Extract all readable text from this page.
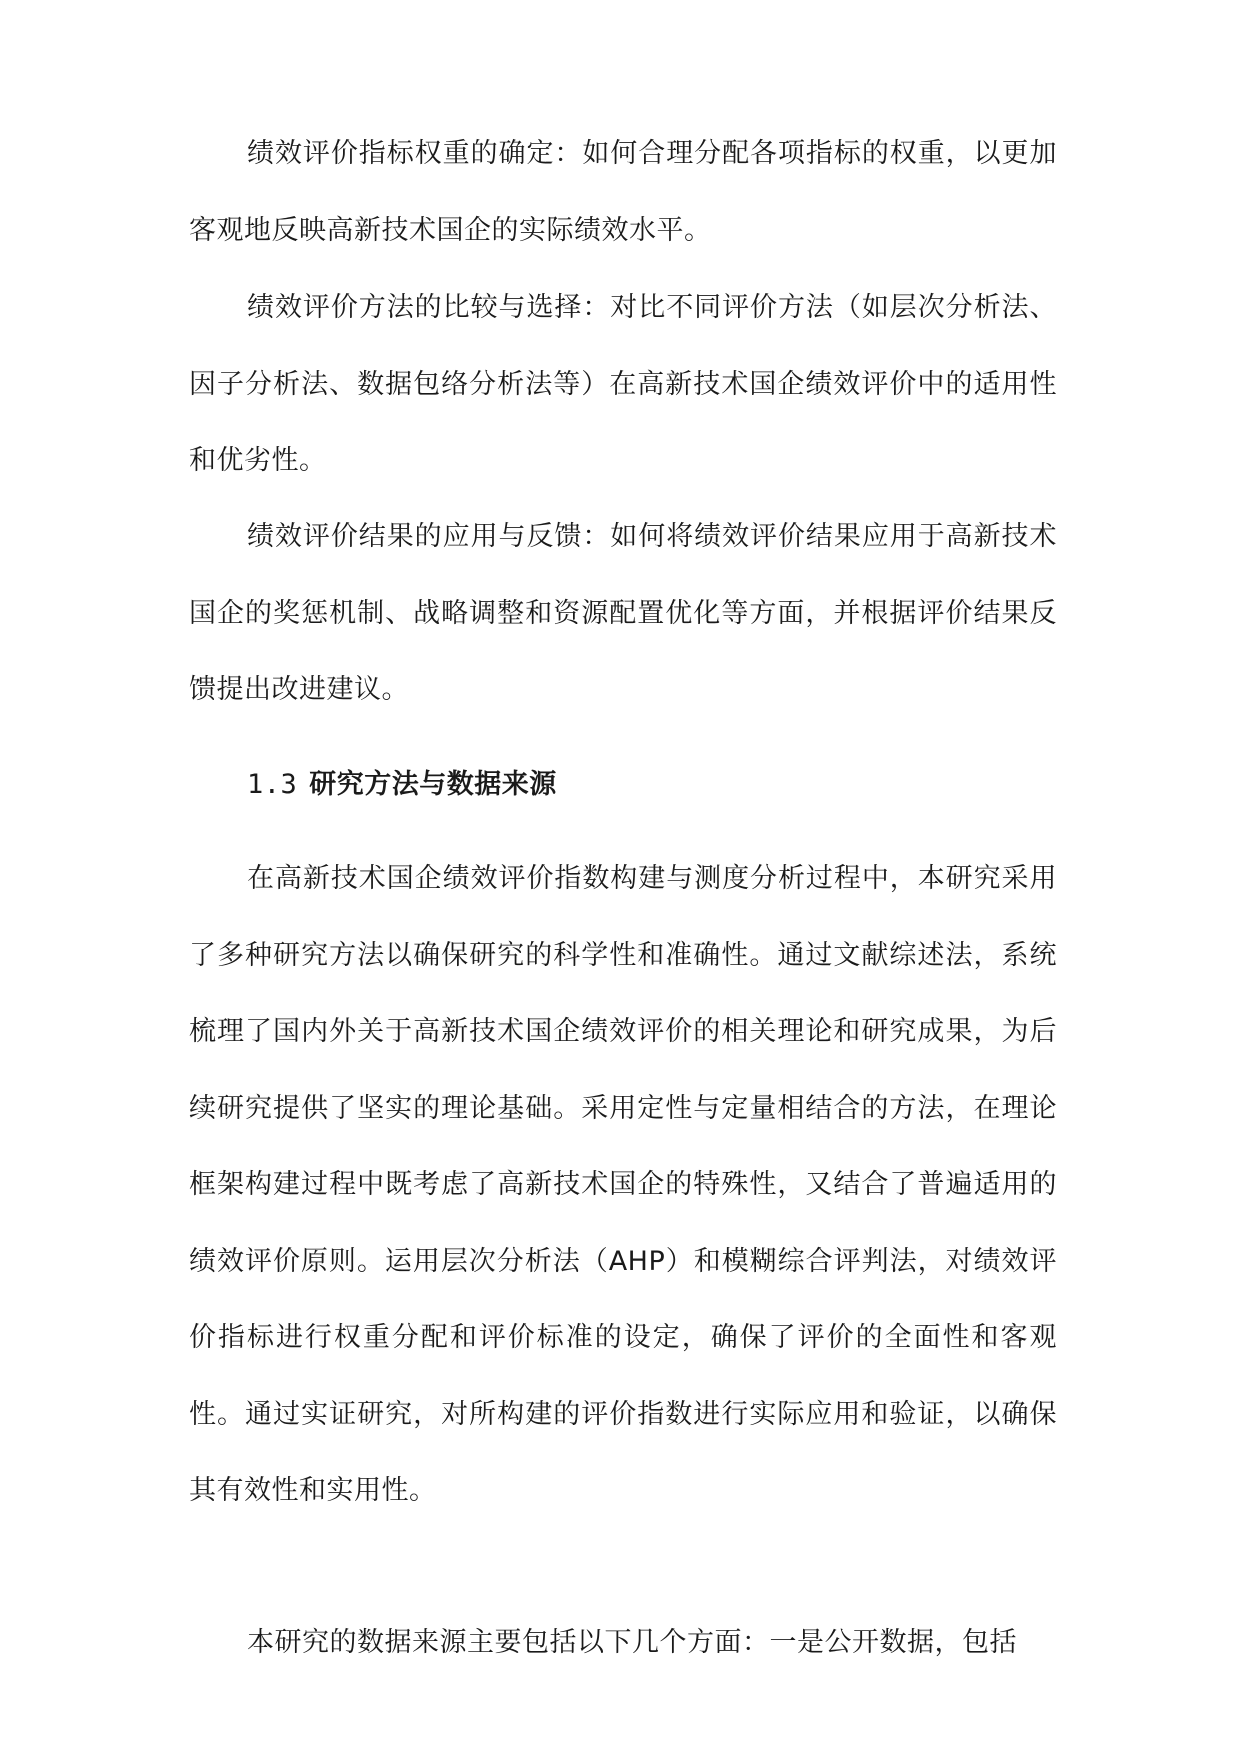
绩效评价指标权重的确定：如何合理分配各项指标的权重，以更加客观地反映高新技术国企的实际绩效水平。

绩效评价方法的比较与选择：对比不同评价方法（如层次分析法、因子分析法、数据包络分析法等）在高新技术国企绩效评价中的适用性和优劣性。

绩效评价结果的应用与反馈：如何将绩效评价结果应用于高新技术国企的奖惩机制、战略调整和资源配置优化等方面，并根据评价结果反馈提出改进建议。

1.3 研究方法与数据来源

在高新技术国企绩效评价指数构建与测度分析过程中，本研究采用了多种研究方法以确保研究的科学性和准确性。通过文献综述法，系统梳理了国内外关于高新技术国企绩效评价的相关理论和研究成果，为后续研究提供了坚实的理论基础。采用定性与定量相结合的方法，在理论框架构建过程中既考虑了高新技术国企的特殊性，又结合了普遍适用的绩效评价原则。运用层次分析法（AHP）和模糊综合评判法，对绩效评价指标进行权重分配和评价标准的设定，确保了评价的全面性和客观性。通过实证研究，对所构建的评价指数进行实际应用和验证，以确保其有效性和实用性。

本研究的数据来源主要包括以下几个方面：一是公开数据，包括
